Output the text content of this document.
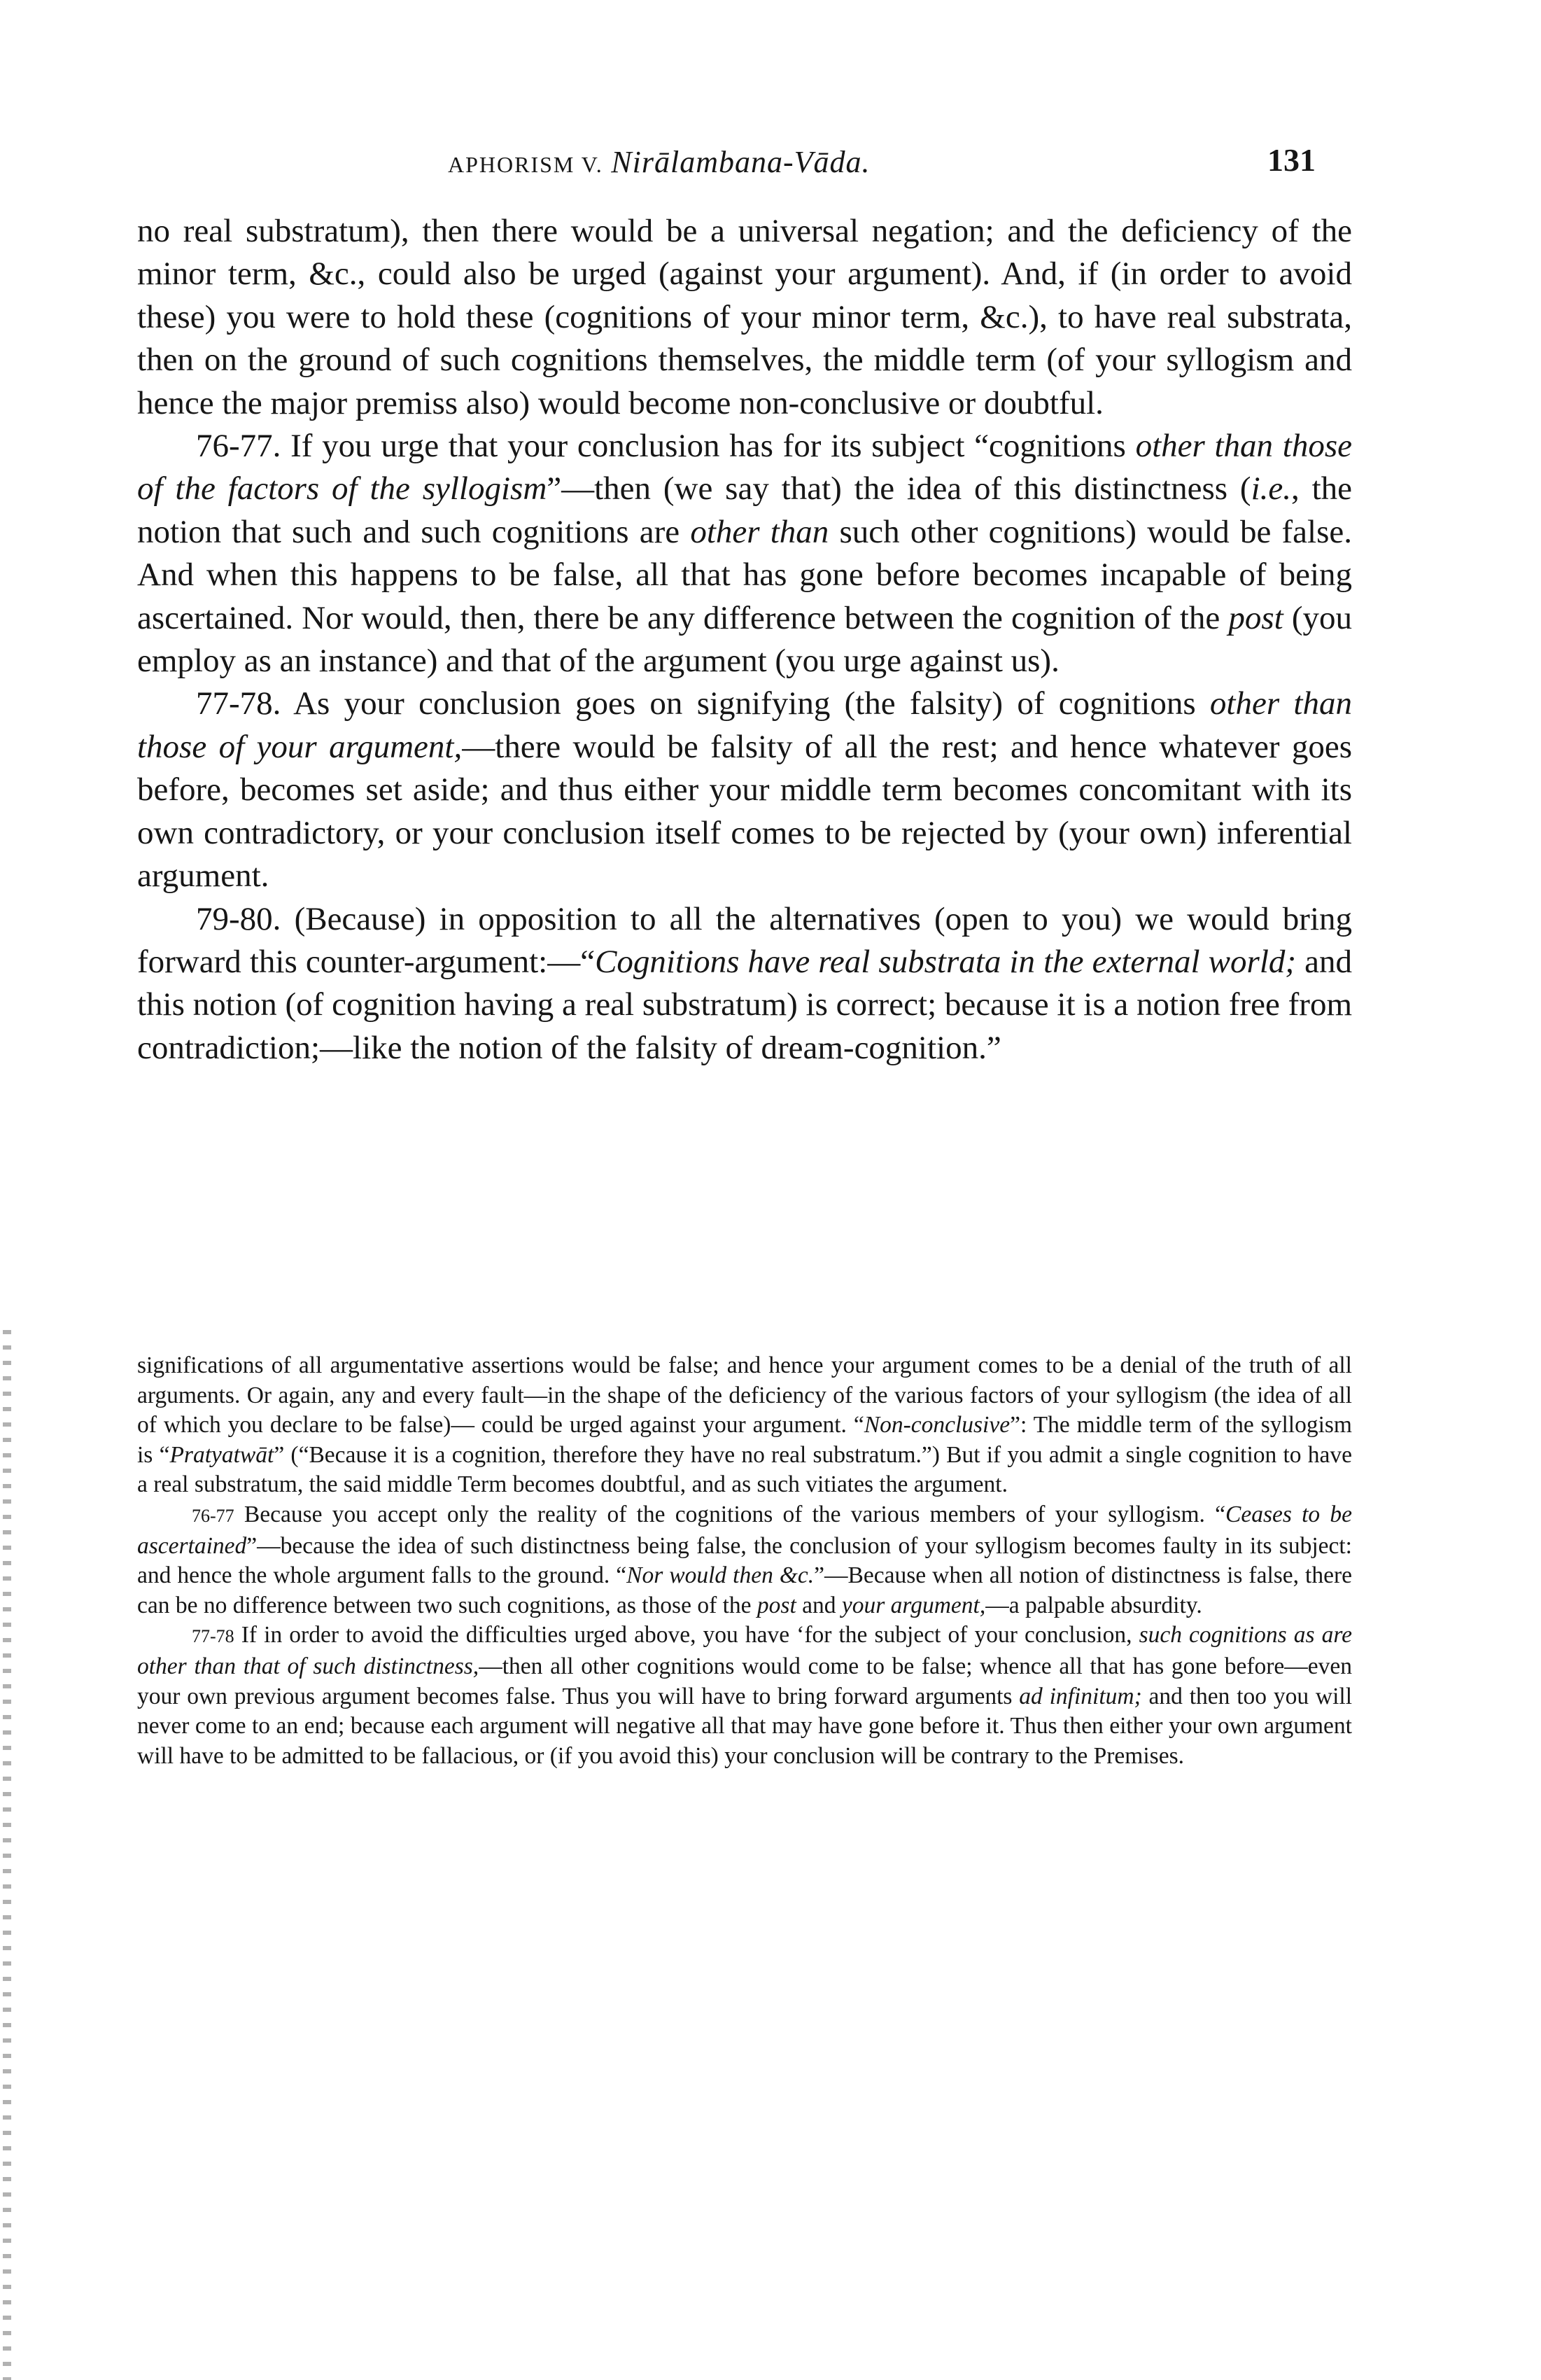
APHORISM V. Nirālambana-Vāda.	131

no real substratum), then there would be a universal negation; and the deficiency of the minor term, &c., could also be urged (against your argument). And, if (in order to avoid these) you were to hold these (cognitions of your minor term, &c.), to have real substrata, then on the ground of such cognitions themselves, the middle term (of your syllogism and hence the major premiss also) would become non-conclusive or doubtful.

76-77. If you urge that your conclusion has for its subject “cognitions other than those of the factors of the syllogism”—then (we say that) the idea of this distinctness (i.e., the notion that such and such cognitions are other than such other cognitions) would be false. And when this happens to be false, all that has gone before becomes incapable of being ascertained. Nor would, then, there be any difference between the cognition of the post (you employ as an instance) and that of the argument (you urge against us).

77-78. As your conclusion goes on signifying (the falsity) of cognitions other than those of your argument,—there would be falsity of all the rest; and hence whatever goes before, becomes set aside; and thus either your middle term becomes concomitant with its own contradictory, or your conclusion itself comes to be rejected by (your own) inferential argument.

79-80. (Because) in opposition to all the alternatives (open to you) we would bring forward this counter-argument:—“Cognitions have real substrata in the external world; and this notion (of cognition having a real substratum) is correct; because it is a notion free from contradiction;—like the notion of the falsity of dream-cognition.”

significations of all argumentative assertions would be false; and hence your argument comes to be a denial of the truth of all arguments. Or again, any and every fault—in the shape of the deficiency of the various factors of your syllogism (the idea of all of which you declare to be false)— could be urged against your argument. “Non-conclusive”: The middle term of the syllogism is “Pratyatwāt” (“Because it is a cognition, therefore they have no real substratum.”) But if you admit a single cognition to have a real substratum, the said middle Term becomes doubtful, and as such vitiates the argument.

76-77 Because you accept only the reality of the cognitions of the various members of your syllogism. “Ceases to be ascertained”—because the idea of such distinctness being false, the conclusion of your syllogism becomes faulty in its subject: and hence the whole argument falls to the ground. “Nor would then &c.”—Because when all notion of distinctness is false, there can be no difference between two such cognitions, as those of the post and your argument,—a palpable absurdity.

77-78 If in order to avoid the difficulties urged above, you have ‘for the subject of your conclusion, such cognitions as are other than that of such distinctness,—then all other cognitions would come to be false; whence all that has gone before—even your own previous argument becomes false. Thus you will have to bring forward arguments ad infinitum; and then too you will never come to an end; because each argument will negative all that may have gone before it. Thus then either your own argument will have to be admitted to be fallacious, or (if you avoid this) your conclusion will be contrary to the Premises.
